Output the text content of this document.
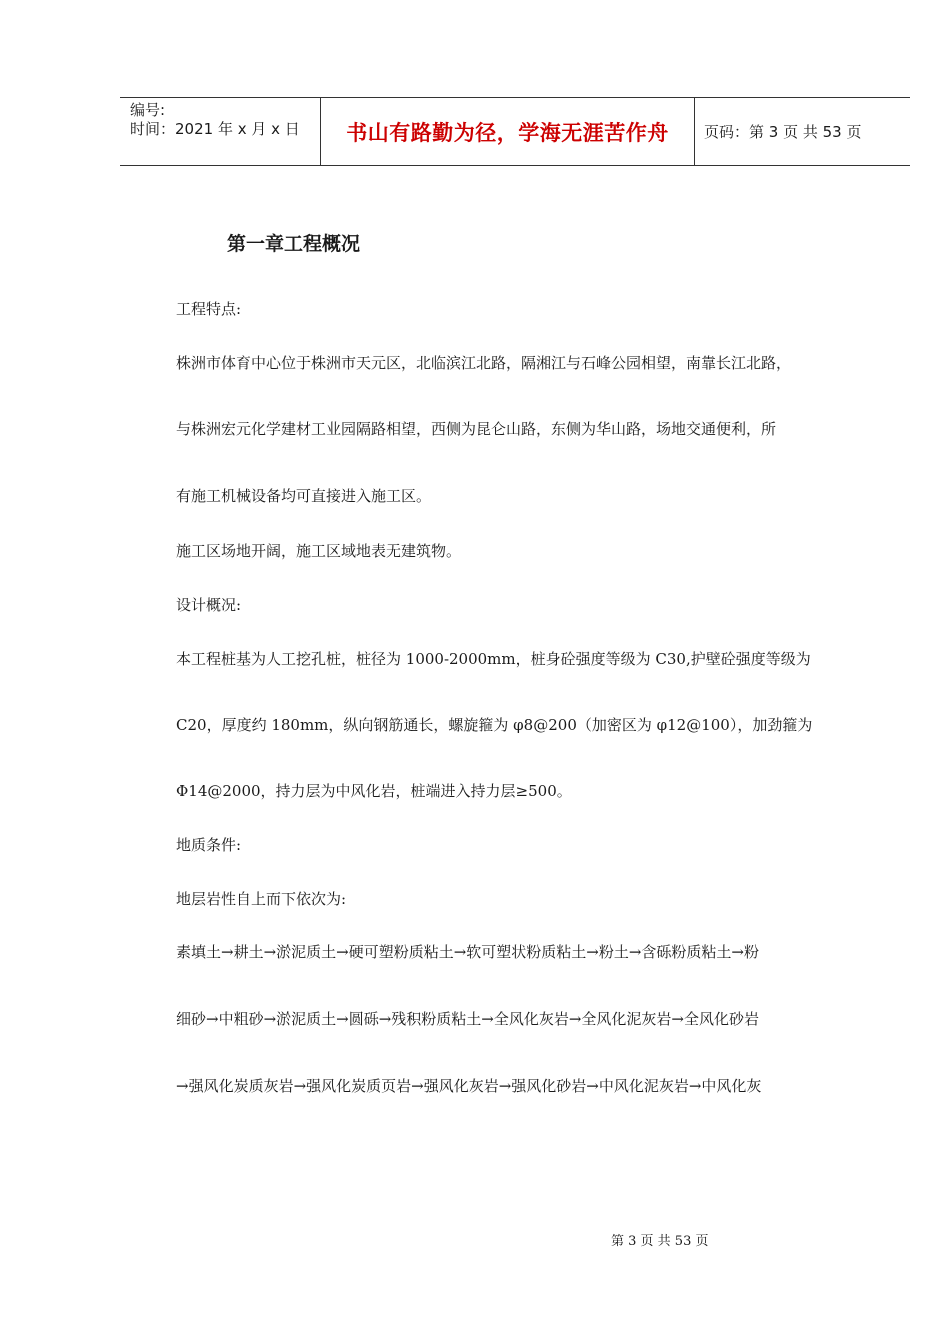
编号:
时间：2021 年 x 月 x 日	书山有路勤为径，学海无涯苦作舟 页码：第 3 页 共 53 页
第一章工程概况

工程特点:

株洲市体育中心位于株洲市天元区，北临滨江北路，隔湘江与石峰公园相望，南靠长江北路，

与株洲宏元化学建材工业园隔路相望，西侧为昆仑山路，东侧为华山路，场地交通便利，所

有施工机械设备均可直接进入施工区。

施工区场地开阔，施工区域地表无建筑物。

设计概况:

本工程桩基为人工挖孔桩，桩径为 1000-2000mm，桩身砼强度等级为 C30,护壁砼强度等级为

C20，厚度约 180mm，纵向钢筋通长，螺旋箍为 φ8@200（加密区为 φ12@100），加劲箍为

Φ14@2000，持力层为中风化岩，桩端进入持力层≥500。

地质条件:

地层岩性自上而下依次为:

素填土→耕土→淤泥质土→硬可塑粉质粘土→软可塑状粉质粘土→粉土→含砾粉质粘土→粉

细砂→中粗砂→淤泥质土→圆砾→残积粉质粘土→全风化灰岩→全风化泥灰岩→全风化砂岩

→强风化炭质灰岩→强风化炭质页岩→强风化灰岩→强风化砂岩→中风化泥灰岩→中风化灰

第 3 页 共 53 页
